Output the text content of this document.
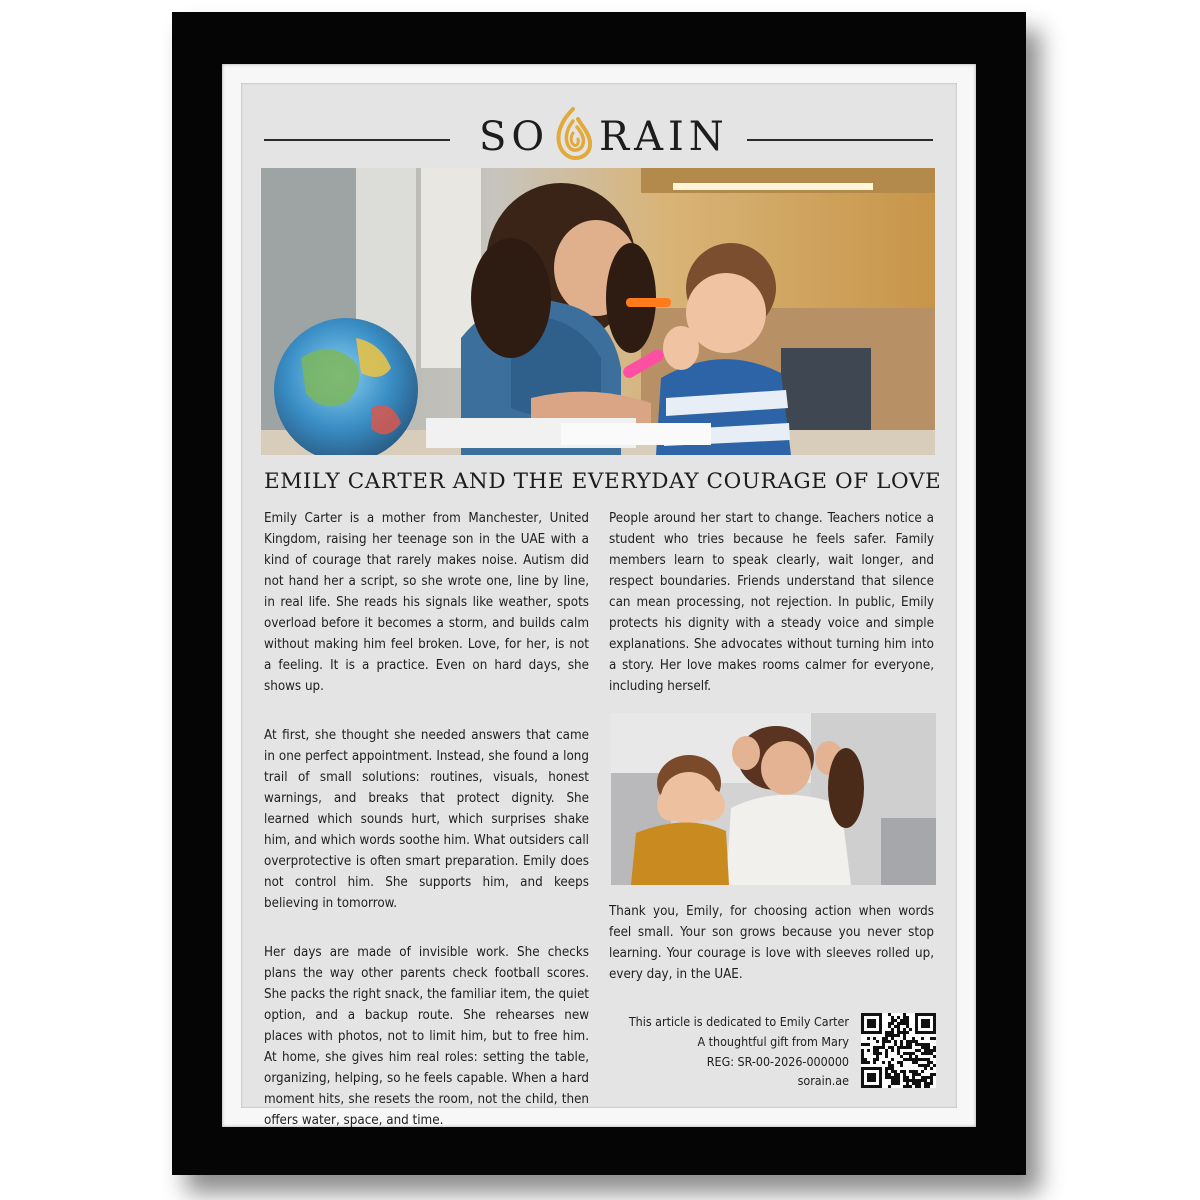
SO RAIN
EMILY CARTER AND THE EVERYDAY COURAGE OF LOVE

Emily Carter is a mother from Manchester, United Kingdom, raising her teenage son in the UAE with a kind of courage that rarely makes noise. Autism did not hand her a script, so she wrote one, line by line, in real life. She reads his signals like weather, spots overload before it becomes a storm, and builds calm without making him feel broken. Love, for her, is not a feeling. It is a practice. Even on hard days, she shows up.

At first, she thought she needed answers that came in one perfect appointment. Instead, she found a long trail of small solutions: routines, visuals, honest warnings, and breaks that protect dignity. She learned which sounds hurt, which surprises shake him, and which words soothe him. What outsiders call overprotective is often smart preparation. Emily does not control him. She supports him, and keeps believing in tomorrow.

Her days are made of invisible work. She checks plans the way other parents check football scores. She packs the right snack, the familiar item, the quiet option, and a backup route. She rehearses new places with photos, not to limit him, but to free him. At home, she gives him real roles: setting the table, organizing, helping, so he feels capable. When a hard moment hits, she resets the room, not the child, then offers water, space, and time.

People around her start to change. Teachers notice a student who tries because he feels safer. Family members learn to speak clearly, wait longer, and respect boundaries. Friends understand that silence can mean processing, not rejection. In public, Emily protects his dignity with a steady voice and simple explanations. She advocates without turning him into a story. Her love makes rooms calmer for everyone, including herself.

Thank you, Emily, for choosing action when words feel small. Your son grows because you never stop learning. Your courage is love with sleeves rolled up, every day, in the UAE.

This article is dedicated to Emily Carter
A thoughtful gift from Mary
REG: SR-00-2026-000000
sorain.ae
